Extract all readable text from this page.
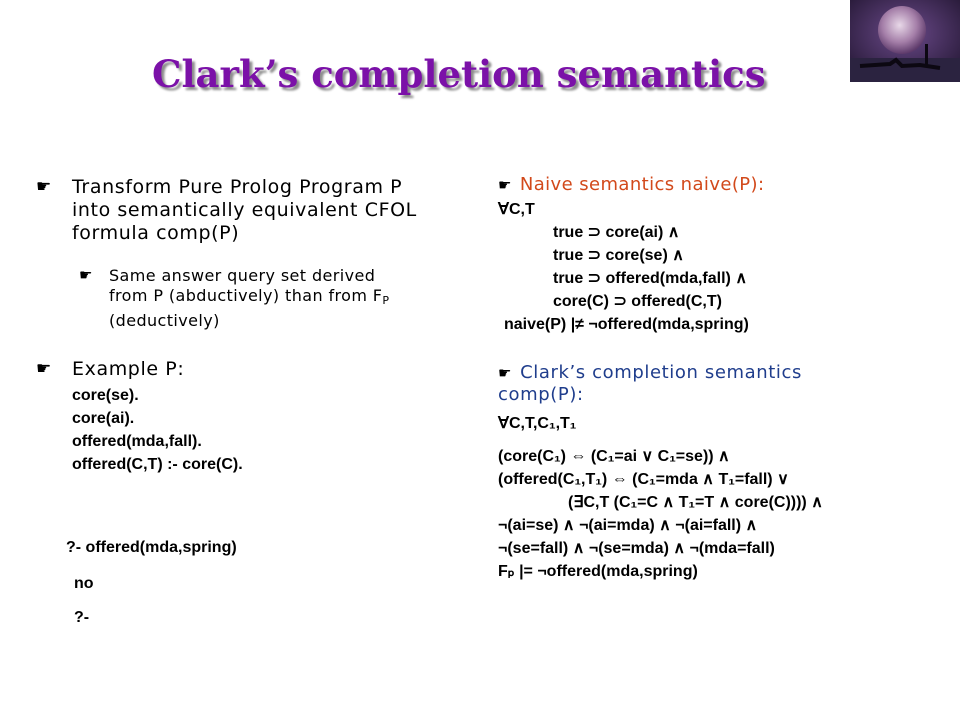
Clark’s completion semantics
☛ Transform Pure Prolog Program P
into semantically equivalent CFOL
formula comp(P)
☛ Same answer query set derived
from P (abductively) than from $F_P$
(deductively)
☛ Example P:
core(se).
core(ai).
offered(mda,fall).
offered(C,T) :- core(C).
?- offered(mda,spring)
no
?-
☛ Naive semantics naive(P):
∀C,T
true ⊃ core(ai) ∧
true ⊃ core(se) ∧
true ⊃ offered(mda,fall) ∧
core(C) ⊃ offered(C,T)
naive(P) |≠ ¬offered(mda,spring)
☛ Clark’s completion semantics
comp(P):
∀C,T,C₁,T₁
(core(C₁) ⇔ (C₁=ai ∨ C₁=se)) ∧
(offered(C₁,T₁) ⇔ (C₁=mda ∧ T₁=fall) ∨
(∃C,T (C₁=C ∧ T₁=T ∧ core(C)))) ∧
¬(ai=se) ∧ ¬(ai=mda) ∧ ¬(ai=fall) ∧
¬(se=fall) ∧ ¬(se=mda) ∧ ¬(mda=fall)
Fₚ |= ¬offered(mda,spring)
